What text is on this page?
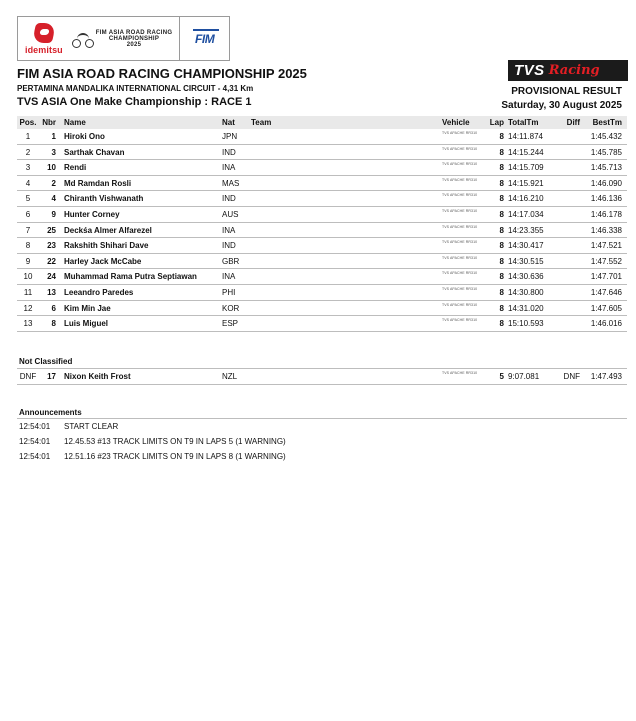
idemitsu
FIM ASIA ROAD RACING
CHAMPIONSHIP
2025	FIM
TVS Racing
FIM ASIA ROAD RACING CHAMPIONSHIP 2025
PERTAMINA MANDALIKA INTERNATIONAL CIRCUIT - 4,31 Km
TVS ASIA One Make Championship : RACE 1
PROVISIONAL RESULT
Saturday, 30 August 2025
Pos. Nbr Name	Nat Team	Vehicle	Lap TotalTm	Diff	BestTm
1	1 Hiroki Ono	JPN	TVS APACHE RR310	8 14:11.874	1:45.432
2	3 Sarthak Chavan	IND	TVS APACHE RR310	8 14:15.244	1:45.785
3	10 Rendi	INA	TVS APACHE RR310	8 14:15.709	1:45.713
4	2 Md Ramdan Rosli	MAS	TVS APACHE RR310	8 14:15.921	1:46.090
5	4 Chiranth Vishwanath	IND	TVS APACHE RR310	8 14:16.210	1:46.136
6	9 Hunter Corney	AUS	TVS APACHE RR310	8 14:17.034	1:46.178
7	25 Deckśa Almer Alfarezel	INA	TVS APACHE RR310	8 14:23.355	1:46.338
8	23 Rakshith Shihari Dave	IND	TVS APACHE RR310	8 14:30.417	1:47.521
9	22 Harley Jack McCabe	GBR	TVS APACHE RR310	8 14:30.515	1:47.552
10	24 Muhammad Rama Putra Septiawan	INA	TVS APACHE RR310	8 14:30.636	1:47.701
11	13 Leeandro Paredes	PHI	TVS APACHE RR310	8 14:30.800	1:47.646
12	6 Kim Min Jae	KOR	TVS APACHE RR310	8 14:31.020	1:47.605
13	8 Luis Miguel	ESP	TVS APACHE RR310	8 15:10.593	1:46.016
Not Classified
DNF	17 Nixon Keith Frost	NZL	TVS APACHE RR310	5 9:07.081	DNF	1:47.493
Announcements
12:54:01 START CLEAR
12:54:01 12.45.53 #13 TRACK LIMITS ON T9 IN LAPS 5 (1 WARNING)
12:54:01 12.51.16 #23 TRACK LIMITS ON T9 IN LAPS 8 (1 WARNING)
